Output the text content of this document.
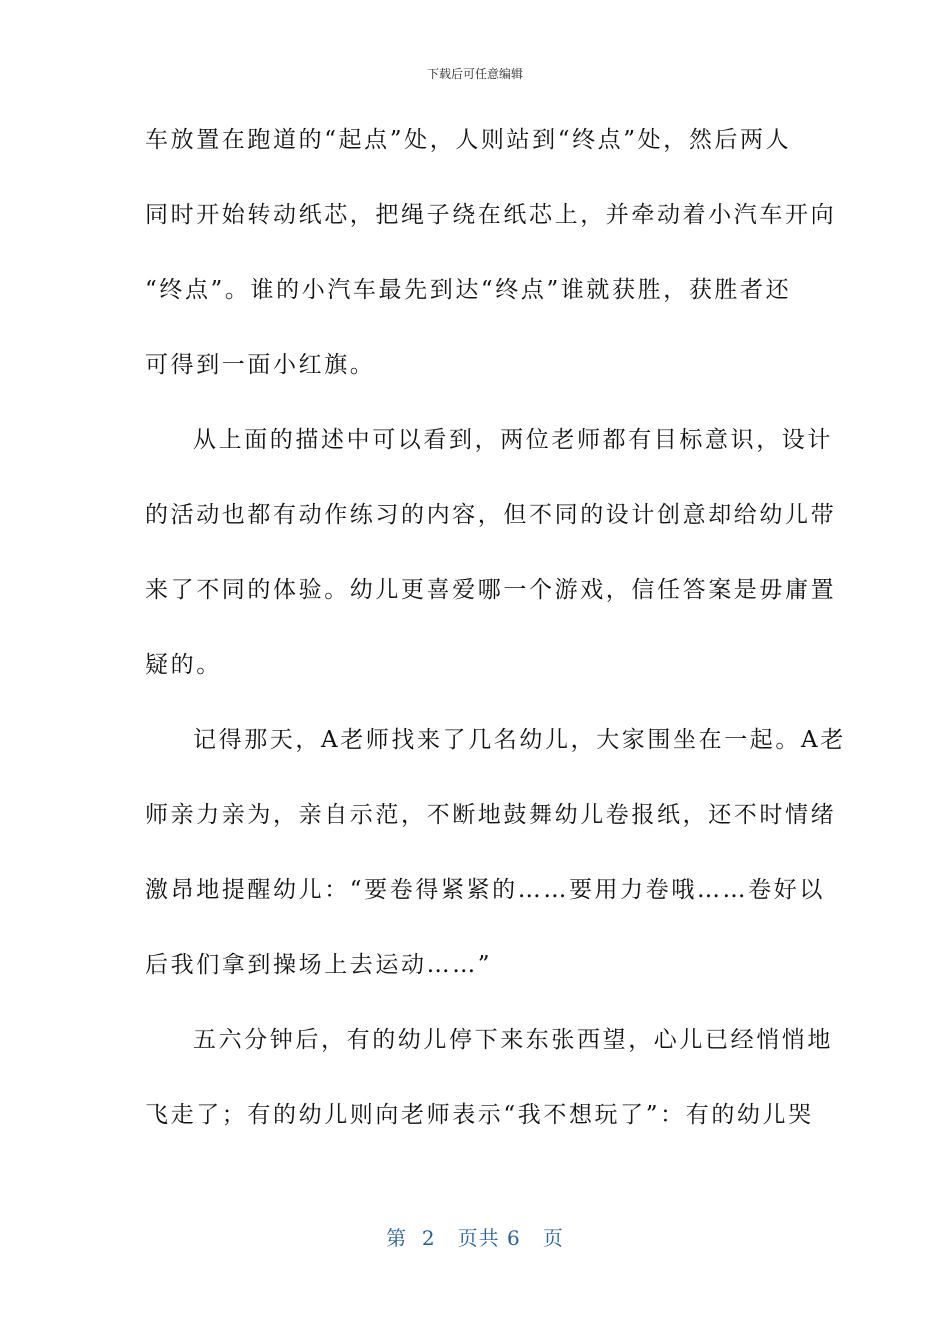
下载后可任意编辑
车放置在跑道的“起点”处，人则站到“终点”处，然后两人
同时开始转动纸芯，把绳子绕在纸芯上，并牵动着小汽车开向
“终点”。谁的小汽车最先到达“终点”谁就获胜，获胜者还
可得到一面小红旗。
从上面的描述中可以看到，两位老师都有目标意识，设计
的活动也都有动作练习的内容，但不同的设计创意却给幼儿带
来了不同的体验。幼儿更喜爱哪一个游戏，信任答案是毋庸置
疑的。
记得那天，A老师找来了几名幼儿，大家围坐在一起。A老
师亲力亲为，亲自示范，不断地鼓舞幼儿卷报纸，还不时情绪
激昂地提醒幼儿：“要卷得紧紧的……要用力卷哦……卷好以
后我们拿到操场上去运动……”
五六分钟后，有的幼儿停下来东张西望，心儿已经悄悄地
飞走了；有的幼儿则向老师表示“我不想玩了”：有的幼儿哭
第  2   页共 6   页
